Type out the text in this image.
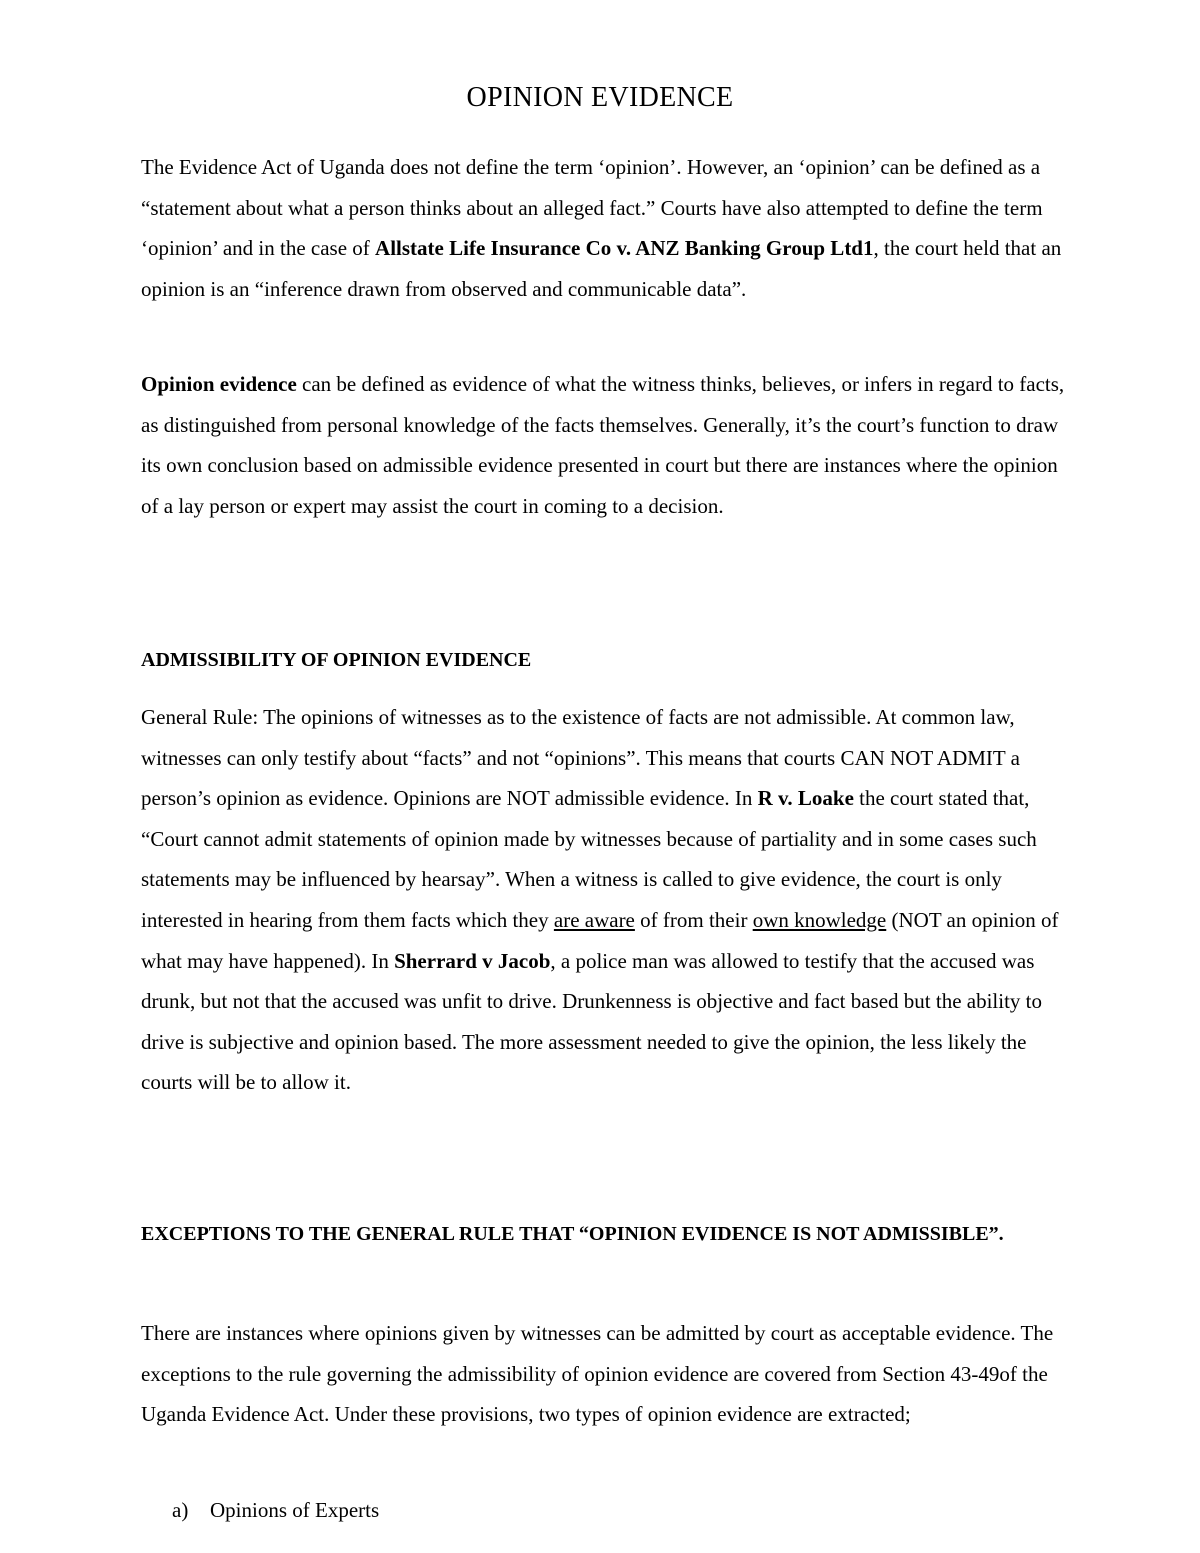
OPINION EVIDENCE

The Evidence Act of Uganda does not define the term ‘opinion’. However, an ‘opinion’ can be defined as a “statement about what a person thinks about an alleged fact.” Courts have also attempted to define the term ‘opinion’ and in the case of Allstate Life Insurance Co v. ANZ Banking Group Ltd1, the court held that an opinion is an “inference drawn from observed and communicable data”.

Opinion evidence can be defined as evidence of what the witness thinks, believes, or infers in regard to facts, as distinguished from personal knowledge of the facts themselves. Generally, it’s the court’s function to draw its own conclusion based on admissible evidence presented in court but there are instances where the opinion of a lay person or expert may assist the court in coming to a decision.

ADMISSIBILITY OF OPINION EVIDENCE

General Rule: The opinions of witnesses as to the existence of facts are not admissible. At common law, witnesses can only testify about “facts” and not “opinions”. This means that courts CAN NOT ADMIT a person’s opinion as evidence. Opinions are NOT admissible evidence. In R v. Loake the court stated that, “Court cannot admit statements of opinion made by witnesses because of partiality and in some cases such statements may be influenced by hearsay”. When a witness is called to give evidence, the court is only interested in hearing from them facts which they are aware of from their own knowledge (NOT an opinion of what may have happened). In Sherrard v Jacob, a police man was allowed to testify that the accused was drunk, but not that the accused was unfit to drive. Drunkenness is objective and fact based but the ability to drive is subjective and opinion based. The more assessment needed to give the opinion, the less likely the courts will be to allow it.

EXCEPTIONS TO THE GENERAL RULE THAT “OPINION EVIDENCE IS NOT ADMISSIBLE”.

There are instances where opinions given by witnesses can be admitted by court as acceptable evidence. The exceptions to the rule governing the admissibility of opinion evidence are covered from Section 43-49of the Uganda Evidence Act. Under these provisions, two types of opinion evidence are extracted;

a) Opinions of Experts
